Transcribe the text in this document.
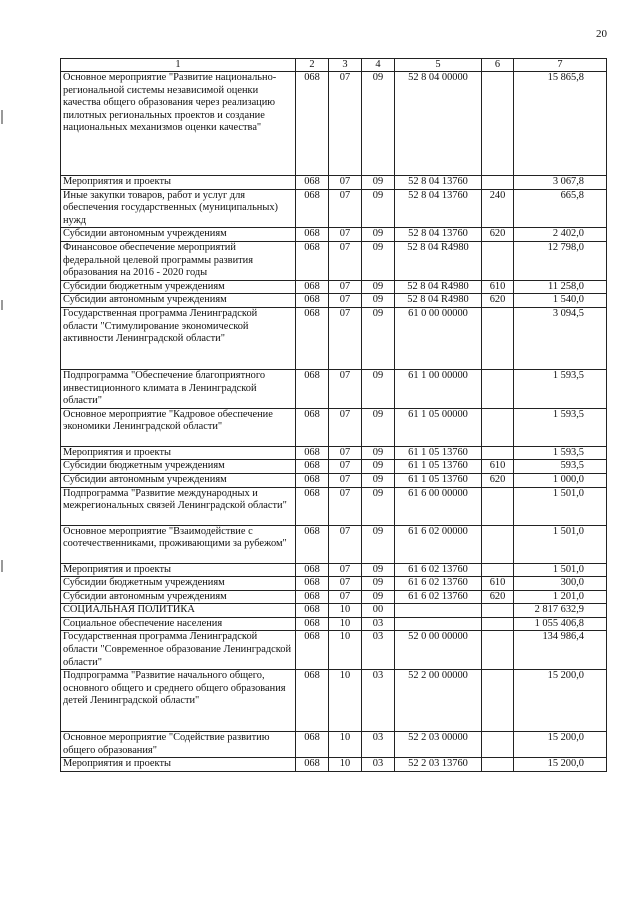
20
1	2	3	4	5	6	7
Основное мероприятие "Развитие национально-региональной системы независимой оценки качества общего образования через реализацию пилотных региональных проектов и создание национальных механизмов оценки качества"	068	07	09	52 8 04 00000		15 865,8
Мероприятия и проекты	068	07	09	52 8 04 13760		3 067,8
Иные закупки товаров, работ и услуг для обеспечения государственных (муниципальных) нужд	068	07	09	52 8 04 13760	240	665,8
Субсидии автономным учреждениям	068	07	09	52 8 04 13760	620	2 402,0
Финансовое обеспечение мероприятий федеральной целевой программы развития образования на 2016 - 2020 годы	068	07	09	52 8 04 R4980		12 798,0
Субсидии бюджетным учреждениям	068	07	09	52 8 04 R4980	610	11 258,0
Субсидии автономным учреждениям	068	07	09	52 8 04 R4980	620	1 540,0
Государственная программа Ленинградской области "Стимулирование экономической активности Ленинградской области"	068	07	09	61 0 00 00000		3 094,5
Подпрограмма "Обеспечение благоприятного инвестиционного климата в Ленинградской области"	068	07	09	61 1 00 00000		1 593,5
Основное мероприятие "Кадровое обеспечение экономики Ленинградской области"	068	07	09	61 1 05 00000		1 593,5
Мероприятия и проекты	068	07	09	61 1 05 13760		1 593,5
Субсидии бюджетным учреждениям	068	07	09	61 1 05 13760	610	593,5
Субсидии автономным учреждениям	068	07	09	61 1 05 13760	620	1 000,0
Подпрограмма "Развитие международных и межрегиональных связей Ленинградской области"	068	07	09	61 6 00 00000		1 501,0
Основное мероприятие "Взаимодействие с соотечественниками, проживающими за рубежом"	068	07	09	61 6 02 00000		1 501,0
Мероприятия и проекты	068	07	09	61 6 02 13760		1 501,0
Субсидии бюджетным учреждениям	068	07	09	61 6 02 13760	610	300,0
Субсидии автономным учреждениям	068	07	09	61 6 02 13760	620	1 201,0
СОЦИАЛЬНАЯ ПОЛИТИКА	068	10	00			2 817 632,9
Социальное обеспечение населения	068	10	03			1 055 406,8
Государственная программа Ленинградской области "Современное образование Ленинградской области"	068	10	03	52 0 00 00000		134 986,4
Подпрограмма "Развитие начального общего, основного общего и среднего общего образования детей Ленинградской области"	068	10	03	52 2 00 00000		15 200,0
Основное мероприятие "Содействие развитию общего образования"	068	10	03	52 2 03 00000		15 200,0
Мероприятия и проекты	068	10	03	52 2 03 13760		15 200,0
